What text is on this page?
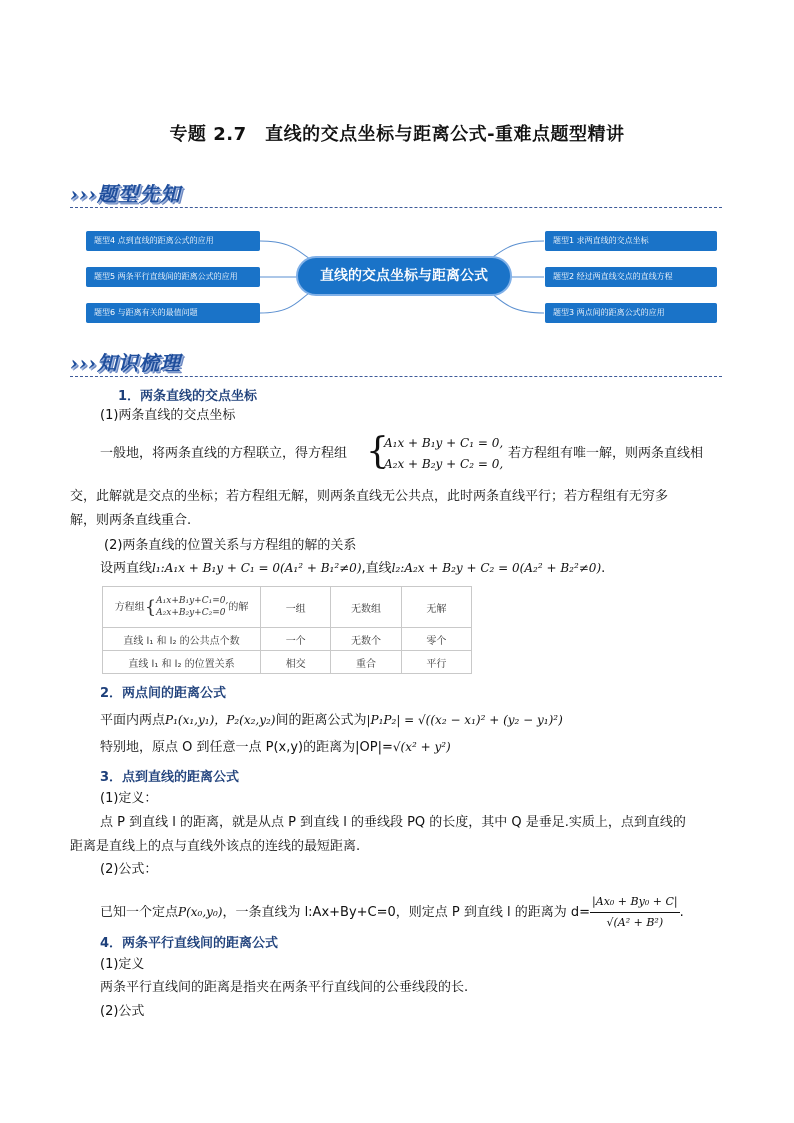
专题 2.7　直线的交点坐标与距离公式-重难点题型精讲
›››题型先知
题型4 点到直线的距离公式的应用
题型5 两条平行直线间的距离公式的应用
题型6 与距离有关的最值问题
直线的交点坐标与距离公式
题型1 求两直线的交点坐标
题型2 经过两直线交点的直线方程
题型3 两点间的距离公式的应用
›››知识梳理
1．两条直线的交点坐标
(1)两条直线的交点坐标
一般地，将两条直线的方程联立，得方程组 {
A₁x + B₁y + C₁ = 0,
A₂x + B₂y + C₂ = 0,
若方程组有唯一解，则两条直线相
交，此解就是交点的坐标；若方程组无解，则两条直线无公共点，此时两条直线平行；若方程组有无穷多
解，则两条直线重合.
(2)两条直线的位置关系与方程组的解的关系
设两直线l₁:A₁x + B₁y + C₁ = 0(A₁² + B₁²≠0),直线l₂:A₂x + B₂y + C₂ = 0(A₂² + B₂²≠0).
方程组{A₁x+B₁y+C₁=0,
A₂x+B₂y+C₂=0 的解	一组	无数组	无解
直线 l₁ 和 l₂ 的公共点个数	一个	无数个	零个
直线 l₁ 和 l₂ 的位置关系	相交	重合	平行
2．两点间的距离公式
平面内两点P₁(x₁,y₁)，P₂(x₂,y₂)间的距离公式为|P₁P₂| = √((x₂ − x₁)² + (y₂ − y₁)²)
特别地，原点 O 到任意一点 P(x,y)的距离为|OP|=√(x² + y²)
3．点到直线的距离公式
(1)定义：
点 P 到直线 l 的距离，就是从点 P 到直线 l 的垂线段 PQ 的长度，其中 Q 是垂足.实质上，点到直线的
距离是直线上的点与直线外该点的连线的最短距离.
(2)公式：
已知一个定点P(x₀,y₀)，一条直线为 l:Ax+By+C=0，则定点 P 到直线 l 的距离为 $d= \frac{\text{|Ax₀ + By₀ + C|}}{\text{√(A² + B²)}}$ .
4．两条平行直线间的距离公式
(1)定义
两条平行直线间的距离是指夹在两条平行直线间的公垂线段的长.
(2)公式
